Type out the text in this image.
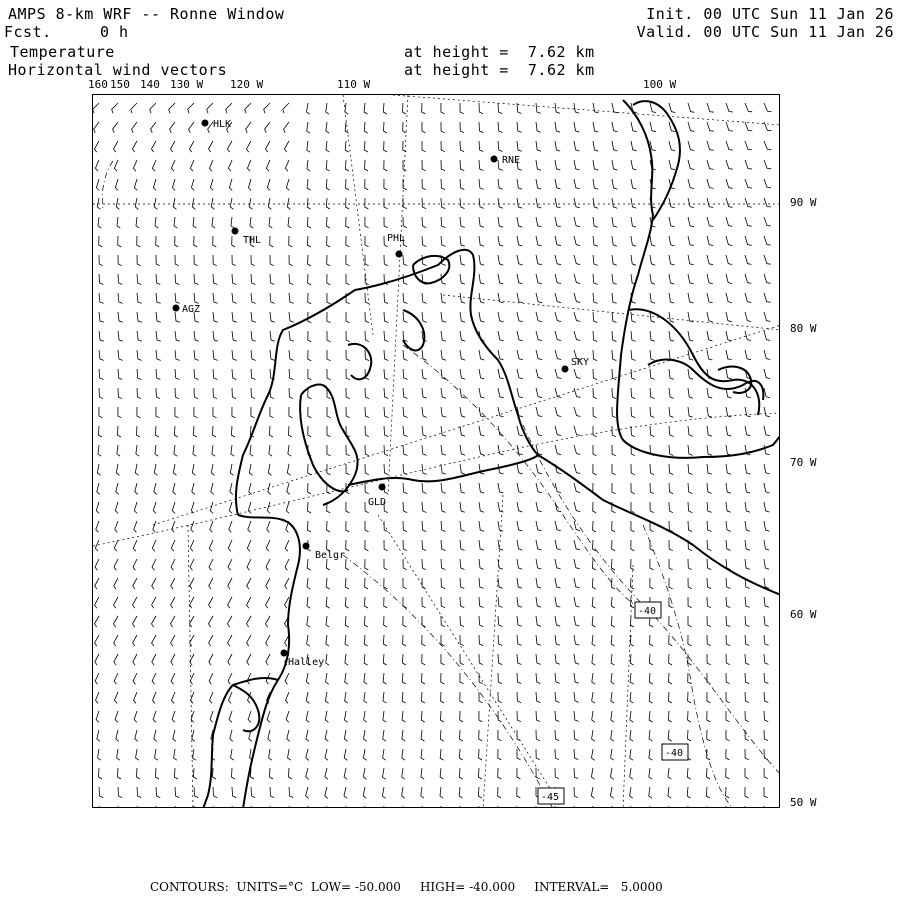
AMPS 8-km WRF -- Ronne Window
Fcst.	0 h
Temperature
Horizontal wind vectors
at height =  7.62 km
at height =  7.62 km
Init. 00 UTC Sun 11 Jan 26
Valid. 00 UTC Sun 11 Jan 26
160 150 140 130 W 120 W	110 W	100 W
90 W
80 W
70 W
60 W
50 W
HLK
RNE
THL	PHL
AGZ
SKY
GLD
Belgr
Halley
-40
-40
-45
CONTOURS:  UNITS=°C  LOW= -50.000     HIGH= -40.000     INTERVAL=   5.0000
